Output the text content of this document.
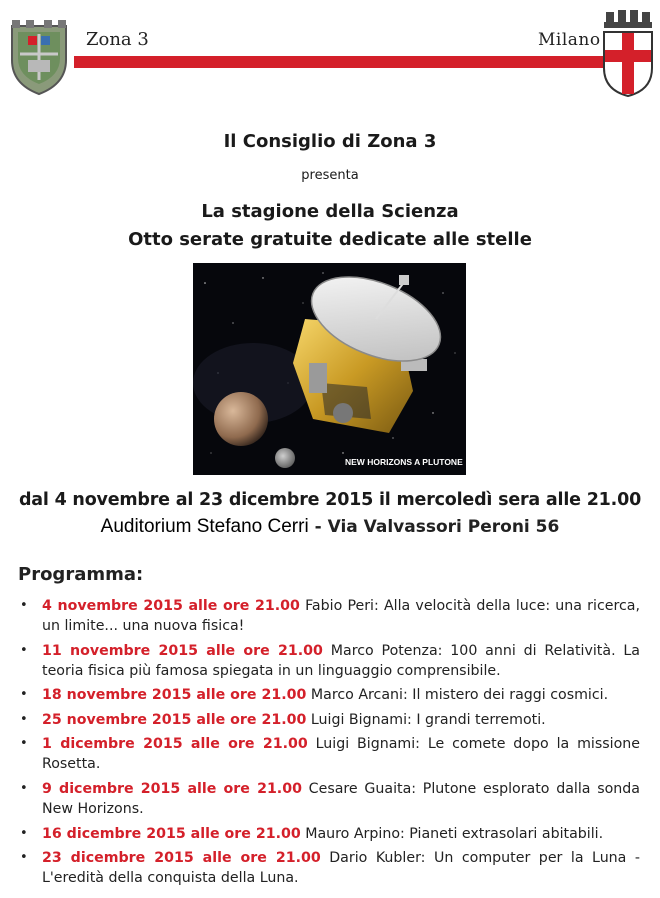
Zona 3	Milano
Il Consiglio di Zona 3
presenta
La stagione della Scienza
Otto serate gratuite dedicate alle stelle
NEW HORIZONS A PLUTONE
dal 4 novembre al 23 dicembre 2015 il mercoledì sera alle 21.00
Auditorium Stefano Cerri - Via Valvassori Peroni 56
Programma:
• 4 novembre 2015 alle ore 21.00 Fabio Peri: Alla velocità della luce: una ricerca, un limite... una nuova fisica!
• 11 novembre 2015 alle ore 21.00 Marco Potenza: 100 anni di Relatività. La teoria fisica più famosa spiegata in un linguaggio comprensibile.
• 18 novembre 2015 alle ore 21.00 Marco Arcani: Il mistero dei raggi cosmici.
• 25 novembre 2015 alle ore 21.00 Luigi Bignami: I grandi terremoti.
• 1 dicembre 2015 alle ore 21.00 Luigi Bignami: Le comete dopo la missione Rosetta.
• 9 dicembre 2015 alle ore 21.00 Cesare Guaita: Plutone esplorato dalla sonda New Horizons.
• 16 dicembre 2015 alle ore 21.00 Mauro Arpino: Pianeti extrasolari abitabili.
• 23 dicembre 2015 alle ore 21.00 Dario Kubler: Un computer per la Luna - L'eredità della conquista della Luna.
